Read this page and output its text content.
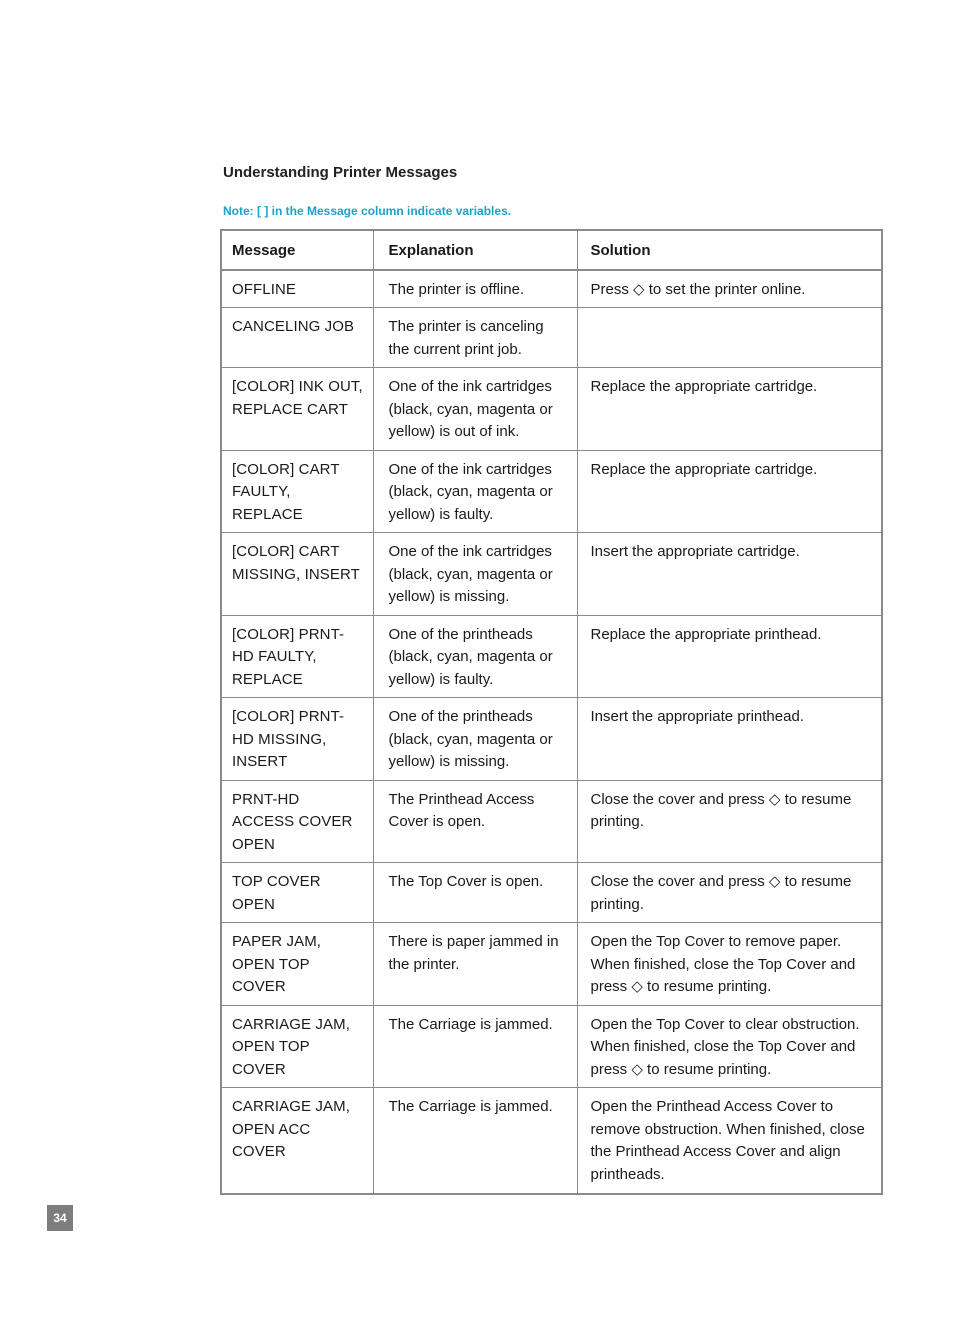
Understanding Printer Messages
Note: [ ] in the Message column indicate variables.
Message	Explanation	Solution
OFFLINE	The printer is offline.	Press ◇ to set the printer online.
CANCELING JOB	The printer is canceling the current print job.	
[COLOR] INK OUT, REPLACE CART	One of the ink cartridges (black, cyan, magenta or yellow) is out of ink.	Replace the appropriate cartridge.
[COLOR] CART FAULTY, REPLACE	One of the ink cartridges (black, cyan, magenta or yellow) is faulty.	Replace the appropriate cartridge.
[COLOR] CART MISSING, INSERT	One of the ink cartridges (black, cyan, magenta or yellow) is missing.	Insert the appropriate cartridge.
[COLOR] PRNT-HD FAULTY, REPLACE	One of the printheads (black, cyan, magenta or yellow) is faulty.	Replace the appropriate printhead.
[COLOR] PRNT-HD MISSING, INSERT	One of the printheads (black, cyan, magenta or yellow) is missing.	Insert the appropriate printhead.
PRNT-HD ACCESS COVER OPEN	The Printhead Access Cover is open.	Close the cover and press ◇ to resume printing.
TOP COVER OPEN	The Top Cover is open.	Close the cover and press ◇ to resume printing.
PAPER JAM, OPEN TOP COVER	There is paper jammed in the printer.	Open the Top Cover to remove paper. When finished, close the Top Cover and press ◇ to resume printing.
CARRIAGE JAM, OPEN TOP COVER	The Carriage is jammed.	Open the Top Cover to clear obstruction. When finished, close the Top Cover and press ◇ to resume printing.
CARRIAGE JAM, OPEN ACC COVER	The Carriage is jammed.	Open the Printhead Access Cover to remove obstruction. When finished, close the Printhead Access Cover and align printheads.
34
